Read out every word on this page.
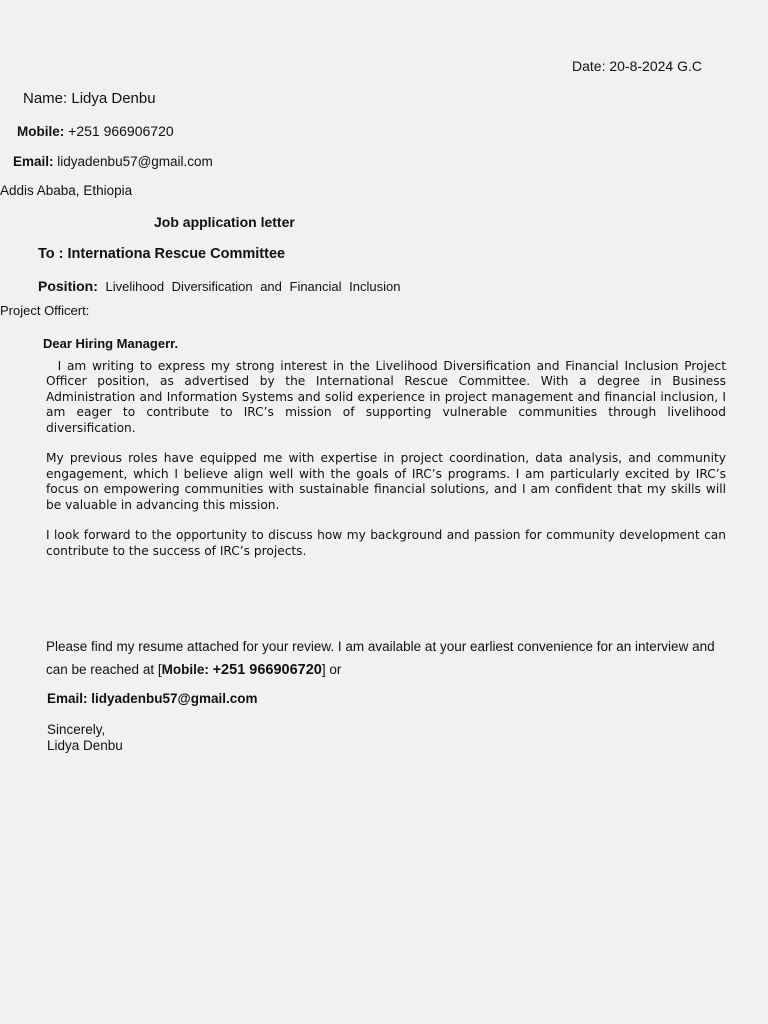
Date: 20-8-2024 G.C
Name: Lidya Denbu
Mobile: +251 966906720
Email: lidyadenbu57@gmail.com
Addis Ababa, Ethiopia
Job application letter
To : Internationa Rescue Committee
Position: Livelihood Diversification and Financial Inclusion
Project Officert:
Dear Hiring Managerr.

I am writing to express my strong interest in the Livelihood Diversification and Financial Inclusion Project Officer position, as advertised by the International Rescue Committee. With a degree in Business Administration and Information Systems and solid experience in project management and financial inclusion, I am eager to contribute to IRC’s mission of supporting vulnerable communities through livelihood diversification.

My previous roles have equipped me with expertise in project coordination, data analysis, and community engagement, which I believe align well with the goals of IRC’s programs. I am particularly excited by IRC’s focus on empowering communities with sustainable financial solutions, and I am confident that my skills will be valuable in advancing this mission.

I look forward to the opportunity to discuss how my background and passion for community development can contribute to the success of IRC’s projects.

Please find my resume attached for your review. I am available at your earliest convenience for an interview and can be reached at [Mobile: +251 966906720] or
Email: lidyadenbu57@gmail.com
Sincerely,
Lidya Denbu
